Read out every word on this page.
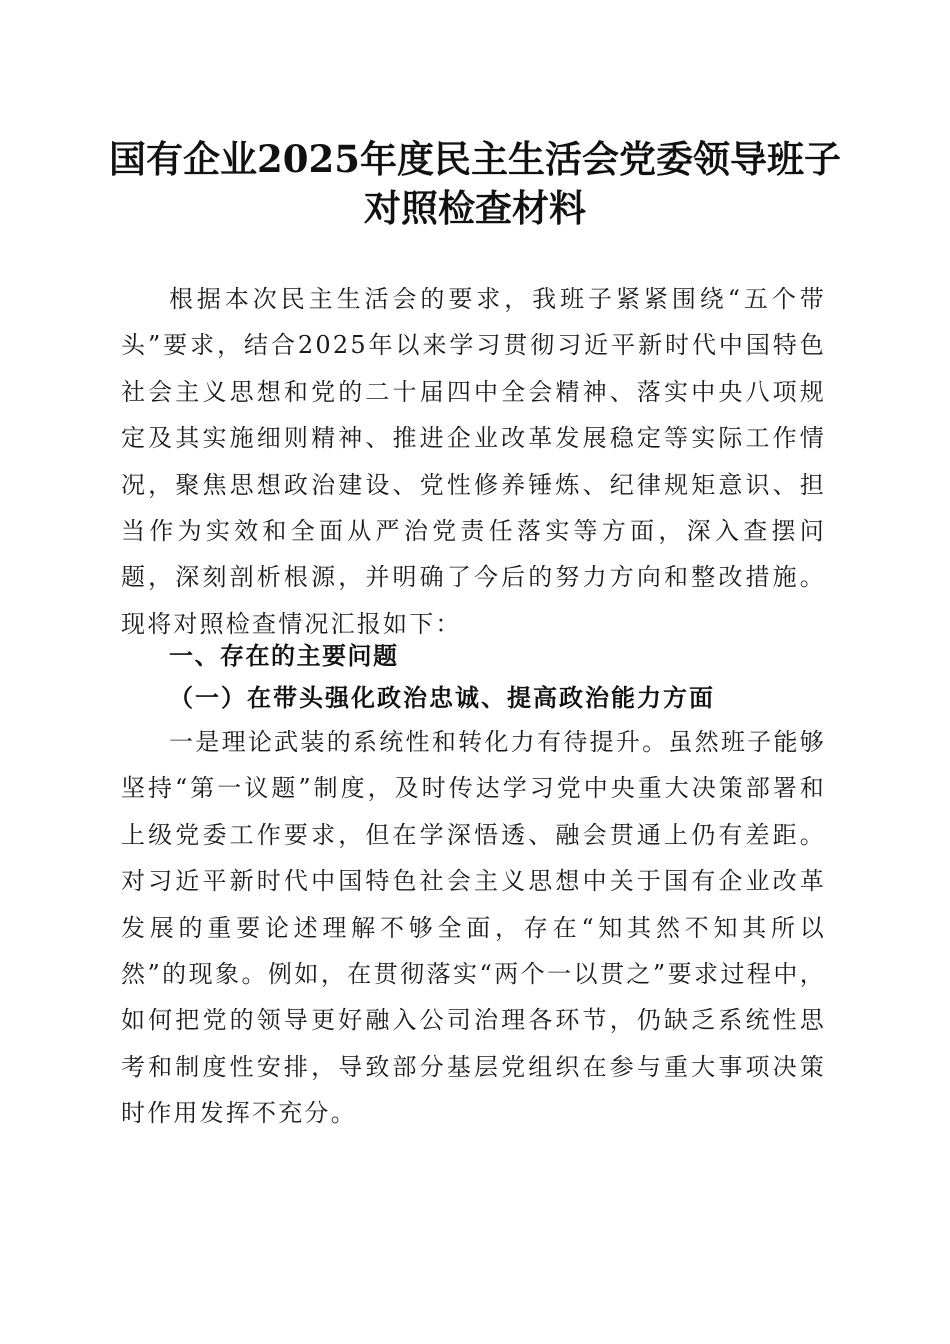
国有企业2025年度民主生活会党委领导班子
对照检查材料

根据本次民主生活会的要求，我班子紧紧围绕“五个带头”要求，结合2025年以来学习贯彻习近平新时代中国特色社会主义思想和党的二十届四中全会精神、落实中央八项规定及其实施细则精神、推进企业改革发展稳定等实际工作情况，聚焦思想政治建设、党性修养锤炼、纪律规矩意识、担当作为实效和全面从严治党责任落实等方面，深入查摆问题，深刻剖析根源，并明确了今后的努力方向和整改措施。现将对照检查情况汇报如下：

一、存在的主要问题
（一）在带头强化政治忠诚、提高政治能力方面

一是理论武装的系统性和转化力有待提升。虽然班子能够坚持“第一议题”制度，及时传达学习党中央重大决策部署和上级党委工作要求，但在学深悟透、融会贯通上仍有差距。对习近平新时代中国特色社会主义思想中关于国有企业改革发展的重要论述理解不够全面，存在“知其然不知其所以然”的现象。例如，在贯彻落实“两个一以贯之”要求过程中，如何把党的领导更好融入公司治理各环节，仍缺乏系统性思考和制度性安排，导致部分基层党组织在参与重大事项决策时作用发挥不充分。
